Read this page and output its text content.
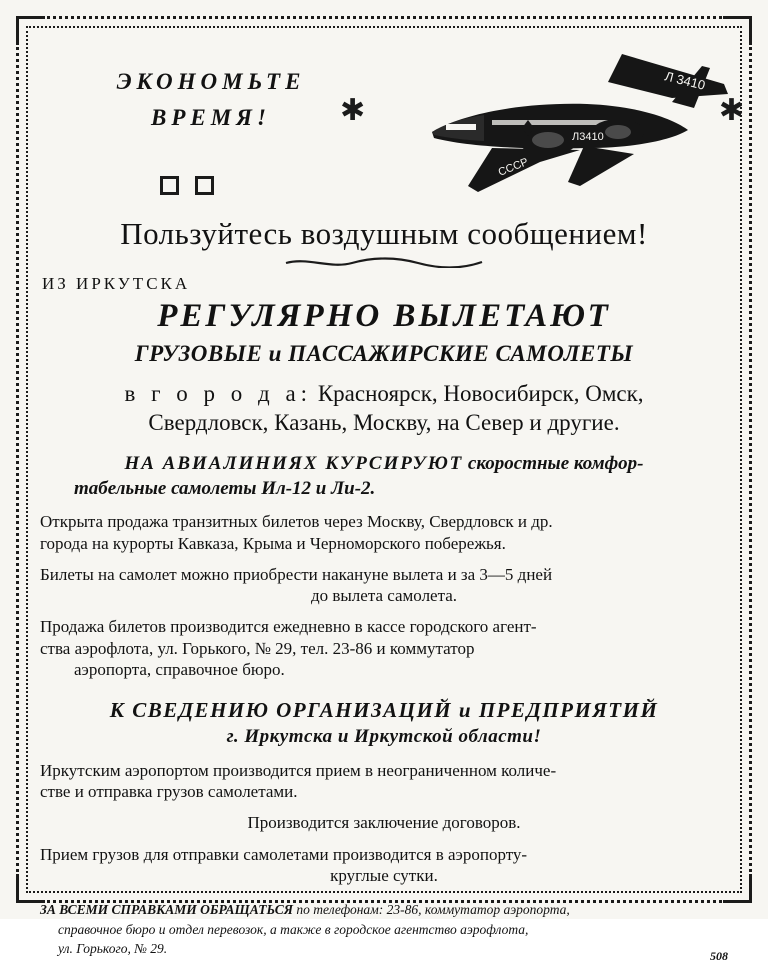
✱	✱
ЭКОНОМЬТЕ
ВРЕМЯ!
Л 3410
Л3410
СССР
Пользуйтесь воздушным сообщением!
ИЗ ИРКУТСКА
РЕГУЛЯРНО ВЫЛЕТАЮТ
ГРУЗОВЫЕ и ПАССАЖИРСКИЕ САМОЛЕТЫ
в г о р о д а: Красноярск, Новосибирск, Омск,
Свердловск, Казань, Москву, на Север и другие.
НА АВИАЛИНИЯХ КУРСИРУЮТ скоростные комфор-
табельные самолеты Ил-12 и Ли-2.

Открыта продажа транзитных билетов через Москву, Свердловск и др.
города на курорты Кавказа, Крыма и Черноморского побережья.

Билеты на самолет можно приобрести накануне вылета и за 3—5 дней
до вылета самолета.

Продажа билетов производится ежедневно в кассе городского агент-
ства аэрофлота, ул. Горького, № 29, тел. 23-86 и коммутатор
аэропорта, справочное бюро.

К СВЕДЕНИЮ ОРГАНИЗАЦИЙ и ПРЕДПРИЯТИЙ
г. Иркутска и Иркутской области!

Иркутским аэропортом производится прием в неограниченном количе-
стве и отправка грузов самолетами.

Производится заключение договоров.

Прием грузов для отправки самолетами производится в аэропорту-
круглые сутки.

ЗА ВСЕМИ СПРАВКАМИ ОБРАЩАТЬСЯ по телефонам: 23-86, коммутатор аэропорта,
справочное бюро и отдел перевозок, а также в городское агентство аэрофлота,
ул. Горького, № 29.	508
